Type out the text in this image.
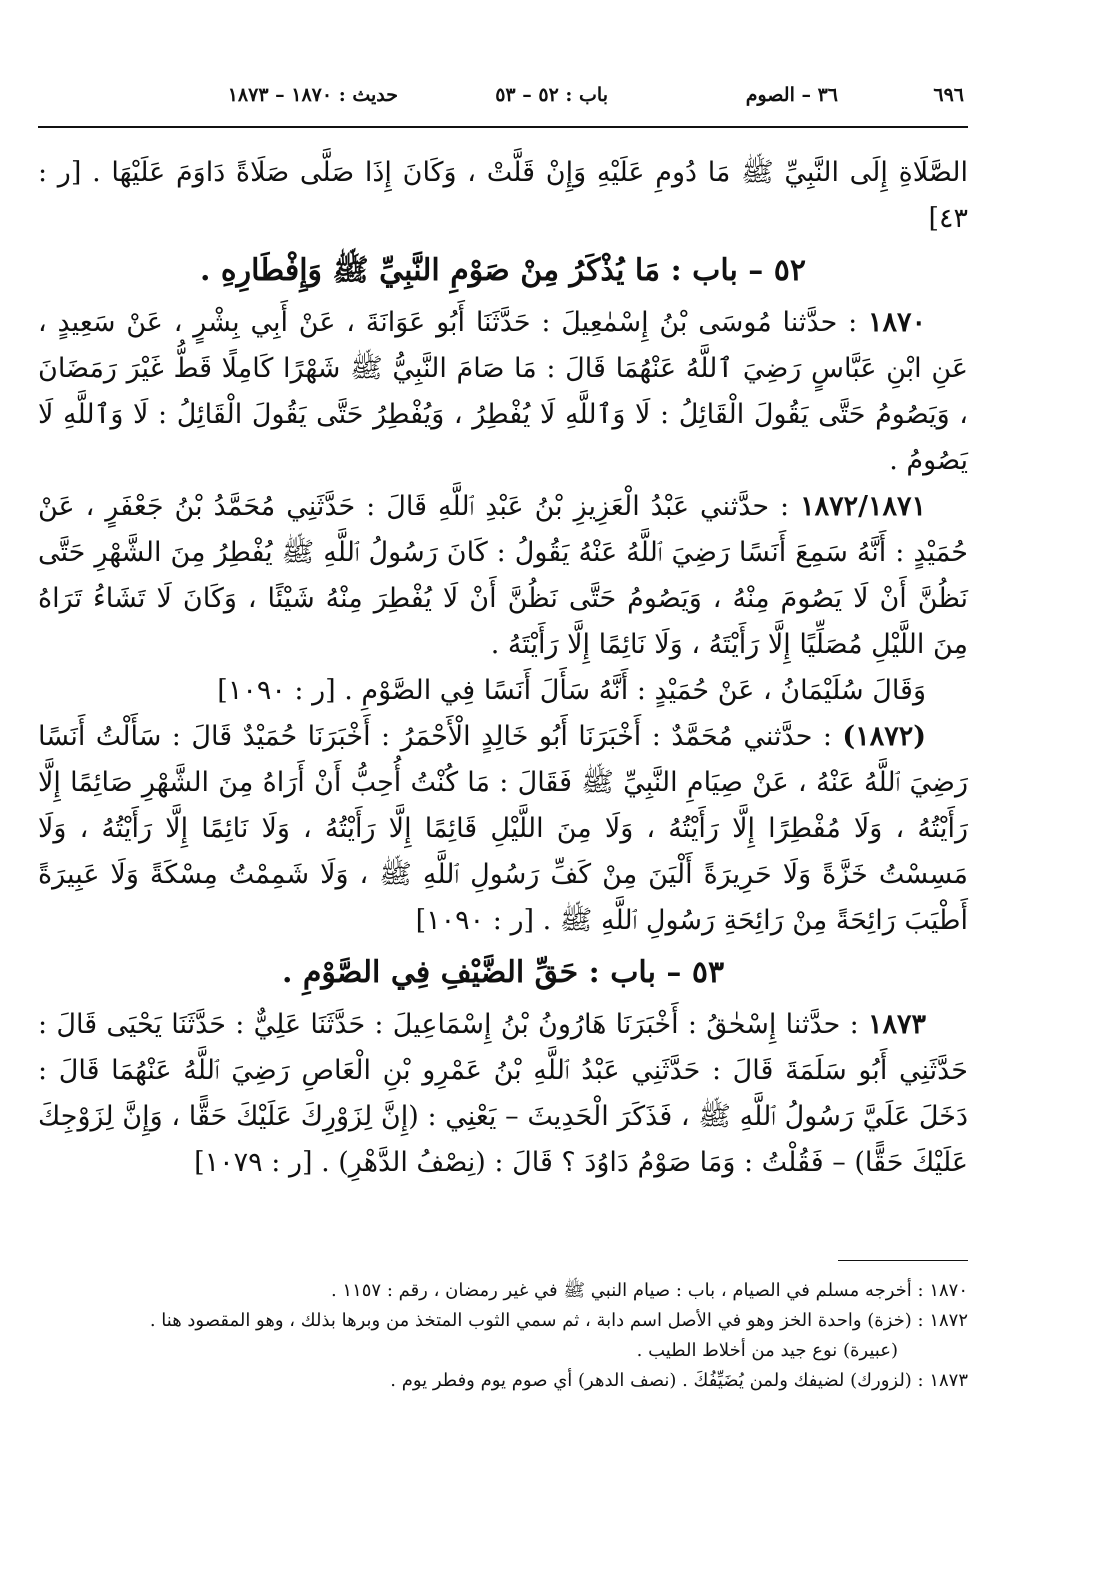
٦٩٦
٣٦ – الصوم
باب : ٥٢ – ٥٣
حديث : ١٨٧٠ – ١٨٧٣

الصَّلَاةِ إِلَى النَّبِيِّ ﷺ مَا دُومِ عَلَيْهِ وَإِنْ قَلَّتْ ، وَكَانَ إِذَا صَلَّى صَلَاةً دَاوَمَ عَلَيْهَا . [ر : ٤٣]

٥٢ – باب : مَا يُذْكَرُ مِنْ صَوْمِ النَّبِيِّ ﷺ وَإِفْطَارِهِ .

١٨٧٠ : حدَّثنا مُوسَى بْنُ إِسْمٰعِيلَ : حَدَّثَنَا أَبُو عَوَانَةَ ، عَنْ أَبِي بِشْرٍ ، عَنْ سَعِيدٍ ، عَنِ ابْنِ عَبَّاسٍ رَضِيَ ٱللَّهُ عَنْهُمَا قَالَ : مَا صَامَ النَّبِيُّ ﷺ شَهْرًا كَامِلًا قَطُّ غَيْرَ رَمَضَانَ ، وَيَصُومُ حَتَّى يَقُولَ الْقَائِلُ : لَا وَٱللَّهِ لَا يُفْطِرُ ، وَيُفْطِرُ حَتَّى يَقُولَ الْقَائِلُ : لَا وَٱللَّهِ لَا يَصُومُ .

١٨٧٢/١٨٧١ : حدَّثني عَبْدُ الْعَزِيزِ بْنُ عَبْدِ ٱللَّهِ قَالَ : حَدَّثَنِي مُحَمَّدُ بْنُ جَعْفَرٍ ، عَنْ حُمَيْدٍ : أَنَّهُ سَمِعَ أَنَسًا رَضِيَ ٱللَّهُ عَنْهُ يَقُولُ : كَانَ رَسُولُ ٱللَّهِ ﷺ يُفْطِرُ مِنَ الشَّهْرِ حَتَّى نَظُنَّ أَنْ لَا يَصُومَ مِنْهُ ، وَيَصُومُ حَتَّى نَظُنَّ أَنْ لَا يُفْطِرَ مِنْهُ شَيْئًا ، وَكَانَ لَا تَشَاءُ تَرَاهُ مِنَ اللَّيْلِ مُصَلِّيًا إِلَّا رَأَيْتَهُ ، وَلَا نَائِمًا إِلَّا رَأَيْتَهُ .

وَقَالَ سُلَيْمَانُ ، عَنْ حُمَيْدٍ : أَنَّهُ سَأَلَ أَنَسًا فِي الصَّوْمِ . [ر : ١٠٩٠]

(١٨٧٢) : حدَّثني مُحَمَّدٌ : أَخْبَرَنَا أَبُو خَالِدٍ الْأَحْمَرُ : أَخْبَرَنَا حُمَيْدٌ قَالَ : سَأَلْتُ أَنَسًا رَضِيَ ٱللَّهُ عَنْهُ ، عَنْ صِيَامِ النَّبِيِّ ﷺ فَقَالَ : مَا كُنْتُ أُحِبُّ أَنْ أَرَاهُ مِنَ الشَّهْرِ صَائِمًا إِلَّا رَأَيْتُهُ ، وَلَا مُفْطِرًا إِلَّا رَأَيْتُهُ ، وَلَا مِنَ اللَّيْلِ قَائِمًا إِلَّا رَأَيْتُهُ ، وَلَا نَائِمًا إِلَّا رَأَيْتُهُ ، وَلَا مَسِسْتُ خَزَّةً وَلَا حَرِيرَةً أَلْيَنَ مِنْ كَفِّ رَسُولِ ٱللَّهِ ﷺ ، وَلَا شَمِمْتُ مِسْكَةً وَلَا عَبِيرَةً أَطْيَبَ رَائِحَةً مِنْ رَائِحَةِ رَسُولِ ٱللَّهِ ﷺ . [ر : ١٠٩٠]

٥٣ – باب : حَقِّ الضَّيْفِ فِي الصَّوْمِ .

١٨٧٣ : حدَّثنا إِسْحٰقُ : أَخْبَرَنَا هَارُونُ بْنُ إِسْمَاعِيلَ : حَدَّثَنَا عَلِيٌّ : حَدَّثَنَا يَحْيَى قَالَ : حَدَّثَنِي أَبُو سَلَمَةَ قَالَ : حَدَّثَنِي عَبْدُ ٱللَّهِ بْنُ عَمْرِو بْنِ الْعَاصِ رَضِيَ ٱللَّهُ عَنْهُمَا قَالَ : دَخَلَ عَلَيَّ رَسُولُ ٱللَّهِ ﷺ ، فَذَكَرَ الْحَدِيثَ – يَعْنِي : (إِنَّ لِزَوْرِكَ عَلَيْكَ حَقًّا ، وَإِنَّ لِزَوْجِكَ عَلَيْكَ حَقًّا) – فَقُلْتُ : وَمَا صَوْمُ دَاوُدَ ؟ قَالَ : (نِصْفُ الدَّهْرِ) . [ر : ١٠٧٩]

١٨٧٠ : أخرجه مسلم في الصيام ، باب : صيام النبي ﷺ في غير رمضان ، رقم : ١١٥٧ .

١٨٧٢ : (خزة) واحدة الخز وهو في الأصل اسم دابة ، ثم سمي الثوب المتخذ من وبرها بذلك ، وهو المقصود هنا .

(عبيرة) نوع جيد من أخلاط الطيب .

١٨٧٣ : (لزورك) لضيفك ولمن يُضَيِّفُكَ . (نصف الدهر) أي صوم يوم وفطر يوم .
